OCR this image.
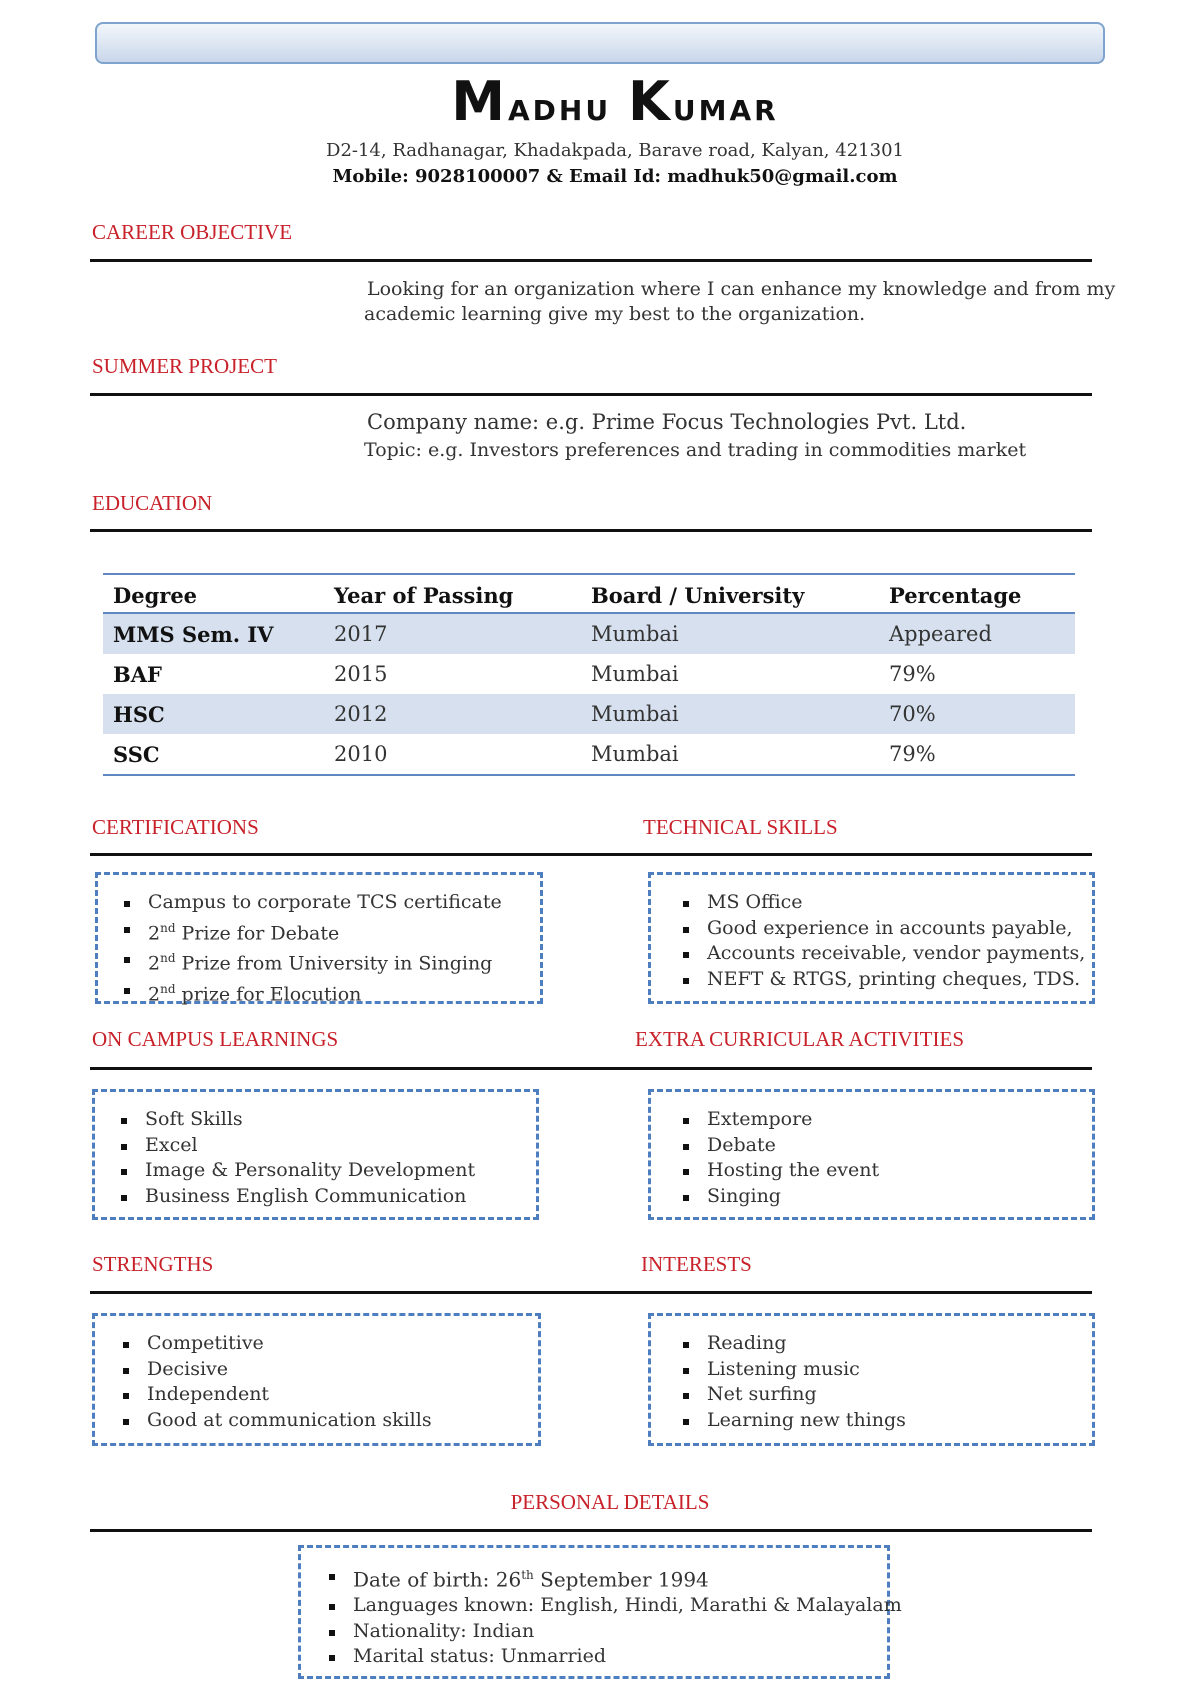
Madhu Kumar
D2-14, Radhanagar, Khadakpada, Barave road, Kalyan, 421301
Mobile: 9028100007 & Email Id: madhuk50@gmail.com
CAREER OBJECTIVE
Looking for an organization where I can enhance my knowledge and from my
academic learning give my best to the organization.
SUMMER PROJECT
Company name: e.g. Prime Focus Technologies Pvt. Ltd.
Topic: e.g. Investors preferences and trading in commodities market
EDUCATION
Degree	Year of Passing	Board / University	Percentage
MMS Sem. IV	2017	Mumbai	Appeared
BAF	2015	Mumbai	79%
HSC	2012	Mumbai	70%
SSC	2010	Mumbai	79%
CERTIFICATIONS	TECHNICAL SKILLS
Campus to corporate TCS certificate
2nd Prize for Debate
2nd Prize from University in Singing
2nd prize for Elocution
MS Office
Good experience in accounts payable,
Accounts receivable, vendor payments,
NEFT & RTGS, printing cheques, TDS.
ON CAMPUS LEARNINGS	EXTRA CURRICULAR ACTIVITIES
Soft Skills
Excel
Image & Personality Development
Business English Communication
Extempore
Debate
Hosting the event
Singing
STRENGTHS	INTERESTS
Competitive
Decisive
Independent
Good at communication skills
Reading
Listening music
Net surfing
Learning new things
PERSONAL DETAILS
Date of birth: 26th September 1994
Languages known: English, Hindi, Marathi & Malayalam
Nationality: Indian
Marital status: Unmarried
